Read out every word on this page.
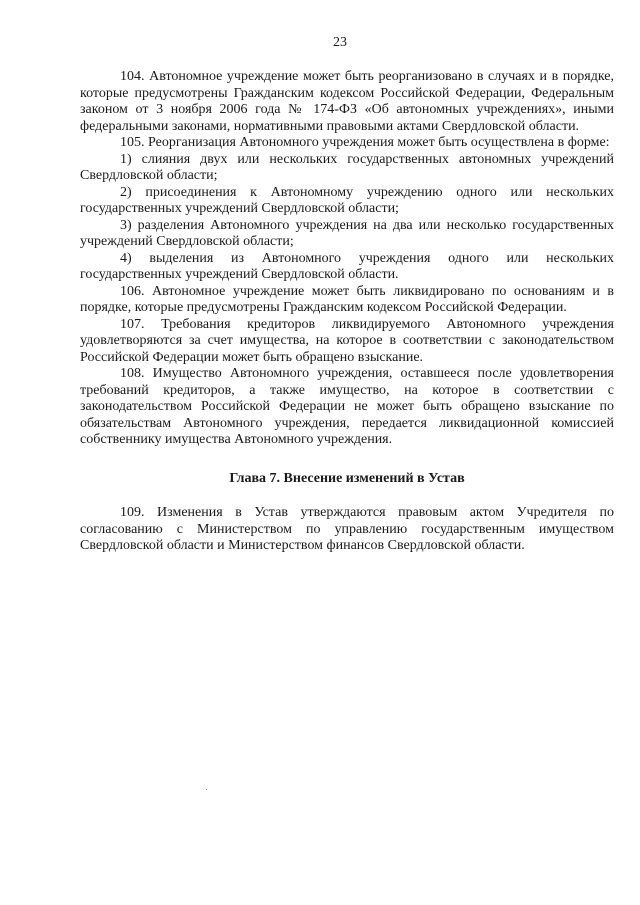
23

104. Автономное учреждение может быть реорганизовано в случаях и в порядке, которые предусмотрены Гражданским кодексом Российской Федерации, Федеральным законом от 3 ноября 2006 года № 174-ФЗ «Об автономных учреждениях», иными федеральными законами, нормативными правовыми актами Свердловской области.

105. Реорганизация Автономного учреждения может быть осуществлена в форме:

1) слияния двух или нескольких государственных автономных учреждений Свердловской области;

2) присоединения к Автономному учреждению одного или нескольких государственных учреждений Свердловской области;

3) разделения Автономного учреждения на два или несколько государственных учреждений Свердловской области;

4) выделения из Автономного учреждения одного или нескольких государственных учреждений Свердловской области.

106. Автономное учреждение может быть ликвидировано по основаниям и в порядке, которые предусмотрены Гражданским кодексом Российской Федерации.

107. Требования кредиторов ликвидируемого Автономного учреждения удовлетворяются за счет имущества, на которое в соответствии с законодательством Российской Федерации может быть обращено взыскание.

108. Имущество Автономного учреждения, оставшееся после удовлетворения требований кредиторов, а также имущество, на которое в соответствии с законодательством Российской Федерации не может быть обращено взыскание по обязательствам Автономного учреждения, передается ликвидационной комиссией собственнику имущества Автономного учреждения.

Глава 7. Внесение изменений в Устав

109. Изменения в Устав утверждаются правовым актом Учредителя по согласованию с Министерством по управлению государственным имуществом Свердловской области и Министерством финансов Свердловской области.
